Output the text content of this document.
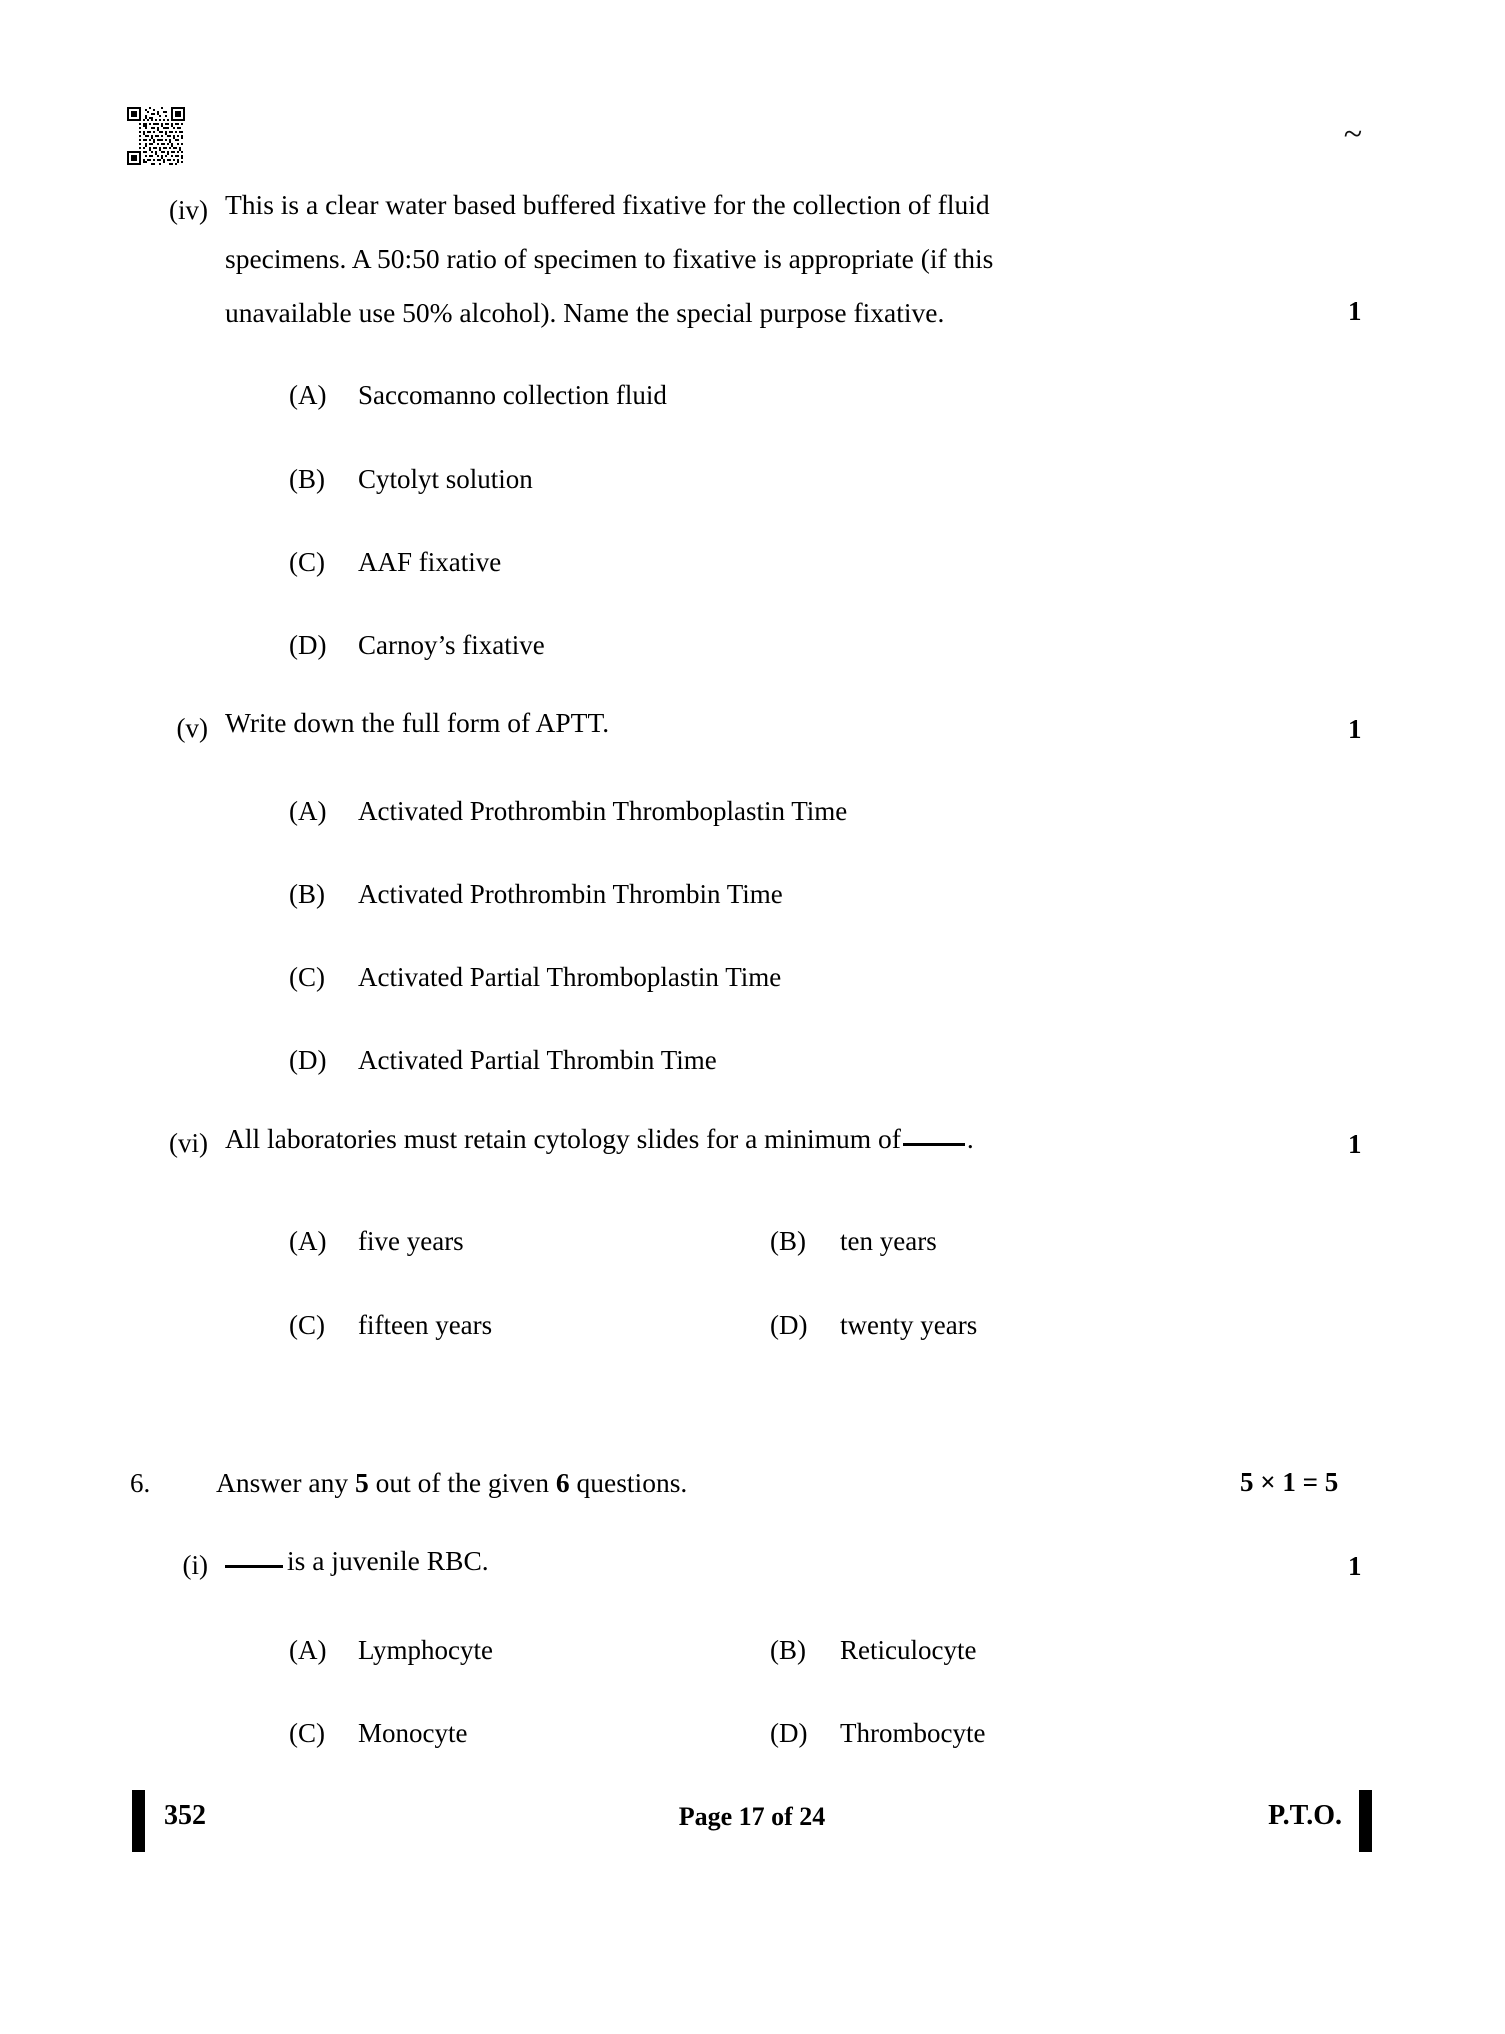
~
(iv) This is a clear water based buffered fixative for the collection of fluid
specimens. A 50:50 ratio of specimen to fixative is appropriate (if this
unavailable use 50% alcohol). Name the special purpose fixative.	1
(A) Saccomanno collection fluid
(B) Cytolyt solution
(C) AAF fixative
(D) Carnoy’s fixative
(v) Write down the full form of APTT.	1
(A) Activated Prothrombin Thromboplastin Time
(B) Activated Prothrombin Thrombin Time
(C) Activated Partial Thromboplastin Time
(D) Activated Partial Thrombin Time
(vi) All laboratories must retain cytology slides for a minimum of .	1
(A) five years	(B) ten years
(C) fifteen years	(D) twenty years
6. Answer any 5 out of the given 6 questions.	5 × 1 = 5
(i)	is a juvenile RBC.	1
(A) Lymphocyte	(B) Reticulocyte
(C) Monocyte	(D) Thrombocyte
352	Page 17 of 24	P.T.O.
